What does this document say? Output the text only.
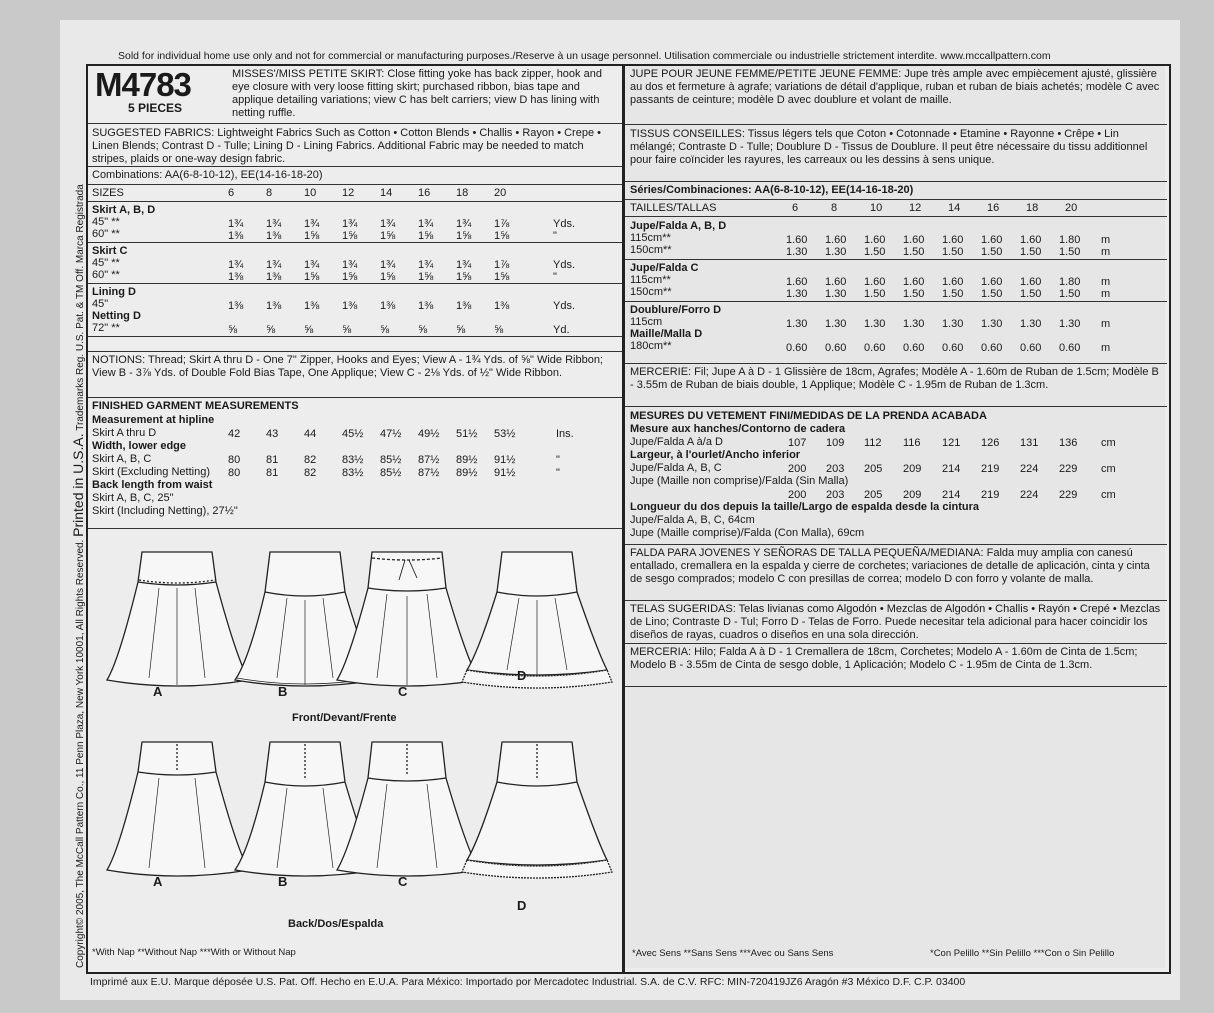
Sold for individual home use only and not for commercial or manufacturing purposes./Reserve à un usage personnel. Utilisation commerciale ou industrielle strictement interdite. www.mccallpattern.com
Copyright© 2005, The McCall Pattern Co., 11 Penn Plaza, New York 10001, All Rights Reserved. Printed in U.S.A. Trademarks Reg. U.S. Pat. & TM Off. Marca Registrada
M4783
5 PIECES
MISSES'/MISS PETITE SKIRT: Close fitting yoke has back zipper, hook and eye closure with very loose fitting skirt; purchased ribbon, bias tape and applique detailing variations; view C has belt carriers; view D has lining with netting ruffle.
SUGGESTED FABRICS: Lightweight Fabrics Such as Cotton • Cotton Blends • Challis • Rayon • Crepe • Linen Blends; Contrast D - Tulle; Lining D - Lining Fabrics. Additional Fabric may be needed to match stripes, plaids or one-way design fabric.
Combinations: AA(6-8-10-12), EE(14-16-18-20)
SIZES	6	8	10 12 14 16 18 20
Skirt A, B, D
45" **	1¾ 1¾ 1¾ 1¾ 1¾ 1¾ 1¾ 1⅞	Yds.
60" **	1⅜ 1⅜ 1⅝ 1⅝ 1⅝ 1⅝ 1⅝ 1⅝	"
Skirt C
45" **	1¾ 1¾ 1¾ 1¾ 1¾ 1¾ 1¾ 1⅞	Yds.
60" **	1⅜ 1⅜ 1⅝ 1⅝ 1⅝ 1⅝ 1⅝ 1⅝	"
Lining D
45"	1⅜ 1⅜ 1⅜ 1⅜ 1⅜ 1⅜ 1⅜ 1⅜	Yds.
Netting D
72" **	⅝	⅝	⅝	⅝	⅝	⅝	⅝	⅝	Yd.
NOTIONS: Thread; Skirt A thru D - One 7" Zipper, Hooks and Eyes; View A - 1¾ Yds. of ⅝" Wide Ribbon; View B - 3⅞ Yds. of Double Fold Bias Tape, One Applique; View C - 2⅛ Yds. of ½" Wide Ribbon.
FINISHED GARMENT MEASUREMENTS
Measurement at hipline
Skirt A thru D	42 43 44 45½ 47½ 49½ 51½ 53½	Ins.
Width, lower edge
Skirt A, B, C	80 81 82 83½ 85½ 87½ 89½ 91½	"
Skirt (Excluding Netting) 80 81 82 83½ 85½ 87½ 89½ 91½	"
Back length from waist
Skirt A, B, C, 25"
Skirt (Including Netting), 27½"
A	B	C
D
Front/Devant/Frente
A	B	C
D
Back/Dos/Espalda
*With Nap **Without Nap ***With or Without Nap
JUPE POUR JEUNE FEMME/PETITE JEUNE FEMME: Jupe très ample avec empiècement ajusté, glissière au dos et fermeture à agrafe; variations de détail d'applique, ruban et ruban de biais achetés; modèle C avec passants de ceinture; modèle D avec doublure et volant de maille.
TISSUS CONSEILLES: Tissus légers tels que Coton • Cotonnade • Etamine • Rayonne • Crêpe • Lin mélangé; Contraste D - Tulle; Doublure D - Tissus de Doublure. Il peut être nécessaire du tissu additionnel pour faire coïncider les rayures, les carreaux ou les dessins à sens unique.
Séries/Combinaciones: AA(6-8-10-12), EE(14-16-18-20)
TAILLES/TALLAS	6	8	10 12 14 16 18 20
Jupe/Falda A, B, D
115cm**	1.60 1.60 1.60 1.60 1.60 1.60 1.60 1.80 m
150cm**	1.30 1.30 1.50 1.50 1.50 1.50 1.50 1.50 m
Jupe/Falda C
115cm**	1.60 1.60 1.60 1.60 1.60 1.60 1.60 1.80 m
150cm**	1.30 1.30 1.50 1.50 1.50 1.50 1.50 1.50 m
Doublure/Forro D
115cm	1.30 1.30 1.30 1.30 1.30 1.30 1.30 1.30 m
Maille/Malla D
180cm**	0.60 0.60 0.60 0.60 0.60 0.60 0.60 0.60 m
MERCERIE: Fil; Jupe A à D - 1 Glissière de 18cm, Agrafes; Modèle A - 1.60m de Ruban de 1.5cm; Modèle B - 3.55m de Ruban de biais double, 1 Applique; Modèle C - 1.95m de Ruban de 1.3cm.
MESURES DU VETEMENT FINI/MEDIDAS DE LA PRENDA ACABADA
Mesure aux hanches/Contorno de cadera
Jupe/Falda A à/a D	107 109 112 116 121 126 131 136 cm
Largeur, à l'ourlet/Ancho inferior
Jupe/Falda A, B, C	200 203 205 209 214 219 224 229 cm
Jupe (Maille non comprise)/Falda (Sin Malla)
200 203 205 209 214 219 224 229 cm
Longueur du dos depuis la taille/Largo de espalda desde la cintura
Jupe/Falda A, B, C, 64cm
Jupe (Maille comprise)/Falda (Con Malla), 69cm
FALDA PARA JOVENES Y SEÑORAS DE TALLA PEQUEÑA/MEDIANA: Falda muy amplia con canesú entallado, cremallera en la espalda y cierre de corchetes; variaciones de detalle de aplicación, cinta y cinta de sesgo comprados; modelo C con presillas de correa; modelo D con forro y volante de malla.
TELAS SUGERIDAS: Telas livianas como Algodón • Mezclas de Algodón • Challis • Rayón • Crepé • Mezclas de Lino; Contraste D - Tul; Forro D - Telas de Forro. Puede necesitar tela adicional para hacer coincidir los diseños de rayas, cuadros o diseños en una sola dirección.
MERCERIA: Hilo; Falda A à D - 1 Cremallera de 18cm, Corchetes; Modelo A - 1.60m de Cinta de 1.5cm; Modelo B - 3.55m de Cinta de sesgo doble, 1 Aplicación; Modelo C - 1.95m de Cinta de 1.3cm.
*Avec Sens **Sans Sens ***Avec ou Sans Sens	*Con Pelillo **Sin Pelillo ***Con o Sin Pelillo
Imprimé aux E.U. Marque déposée U.S. Pat. Off. Hecho en E.U.A. Para México: Importado por Mercadotec Industrial. S.A. de C.V. RFC: MIN-720419JZ6 Aragón #3 México D.F. C.P. 03400
